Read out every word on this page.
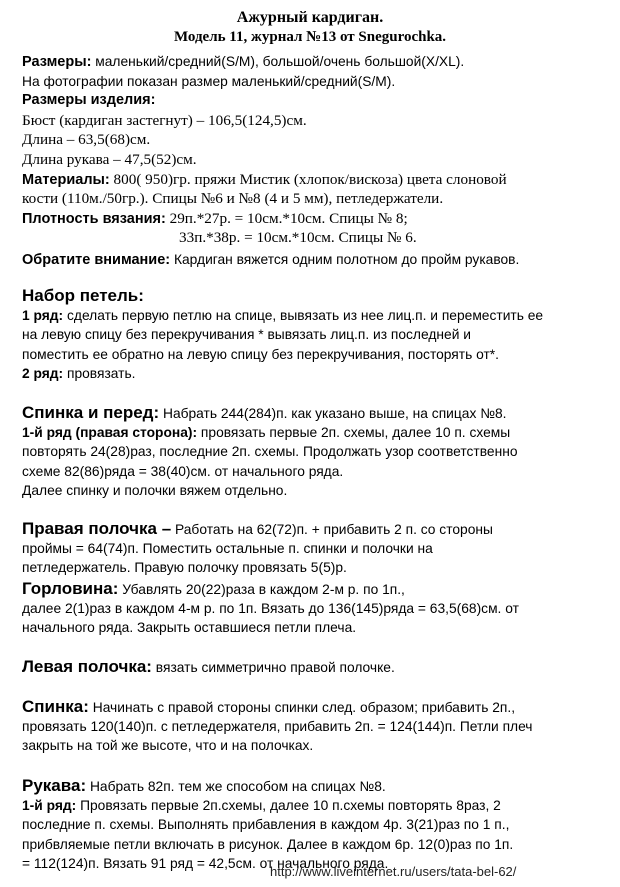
Ажурный кардиган.
Модель 11, журнал №13 от Snegurochka.
Размеры: маленький/средний(S/M), большой/очень большой(X/XL).
На фотографии показан размер маленький/средний(S/M).
Размеры изделия:
Бюст (кардиган застегнут) – 106,5(124,5)см.
Длина – 63,5(68)см.
Длина рукава – 47,5(52)см.
Материалы: 800( 950)гр. пряжи Мистик (хлопок/вискоза) цвета слоновой
кости (110м./50гр.). Спицы №6 и №8 (4 и 5 мм), петледержатели.
Плотность вязания: 29п.*27р. = 10см.*10см. Спицы № 8;
33п.*38р. = 10см.*10см. Спицы № 6.
Обратите внимание: Кардиган вяжется одним полотном до пройм рукавов.
Набор петель:
1 ряд: сделать первую петлю на спице, вывязать из нее лиц.п. и переместить ее
на левую спицу без перекручивания * вывязать лиц.п. из последней и
поместить ее обратно на левую спицу без перекручивания, посторять от*.
2 ряд: провязать.
Спинка и перед: Набрать 244(284)п. как указано выше, на спицах №8.
1-й ряд (правая сторона): провязать первые 2п. схемы, далее 10 п. схемы
повторять 24(28)раз, последние 2п. схемы. Продолжать узор соответственно
схеме 82(86)ряда = 38(40)см. от начального ряда.
Далее спинку и полочки вяжем отдельно.
Правая полочка – Работать на 62(72)п. + прибавить 2 п. со стороны
проймы = 64(74)п. Поместить остальные п. спинки и полочки на
петледержатель. Правую полочку провязать 5(5)р.
Горловина: Убавлять 20(22)раза в каждом 2-м р. по 1п.,
далее 2(1)раз в каждом 4-м р. по 1п. Вязать до 136(145)ряда = 63,5(68)см. от
начального ряда. Закрыть оставшиеся петли плеча.
Левая полочка: вязать симметрично правой полочке.
Спинка: Начинать с правой стороны спинки след. образом; прибавить 2п.,
провязать 120(140)п. с петледержателя, прибавить 2п. = 124(144)п. Петли плеч
закрыть на той же высоте, что и на полочках.
Рукава: Набрать 82п. тем же способом на спицах №8.
1-й ряд: Провязать первые 2п.схемы, далее 10 п.схемы повторять 8раз, 2
последние п. схемы. Выполнять прибавления в каждом 4р. 3(21)раз по 1 п.,
прибвляемые петли включать в рисунок. Далее в каждом 6р. 12(0)раз по 1п.
= 112(124)п. Вязать 91 ряд = 42,5см. от начального ряда.
http://www.liveinternet.ru/users/tata-bel-62/
